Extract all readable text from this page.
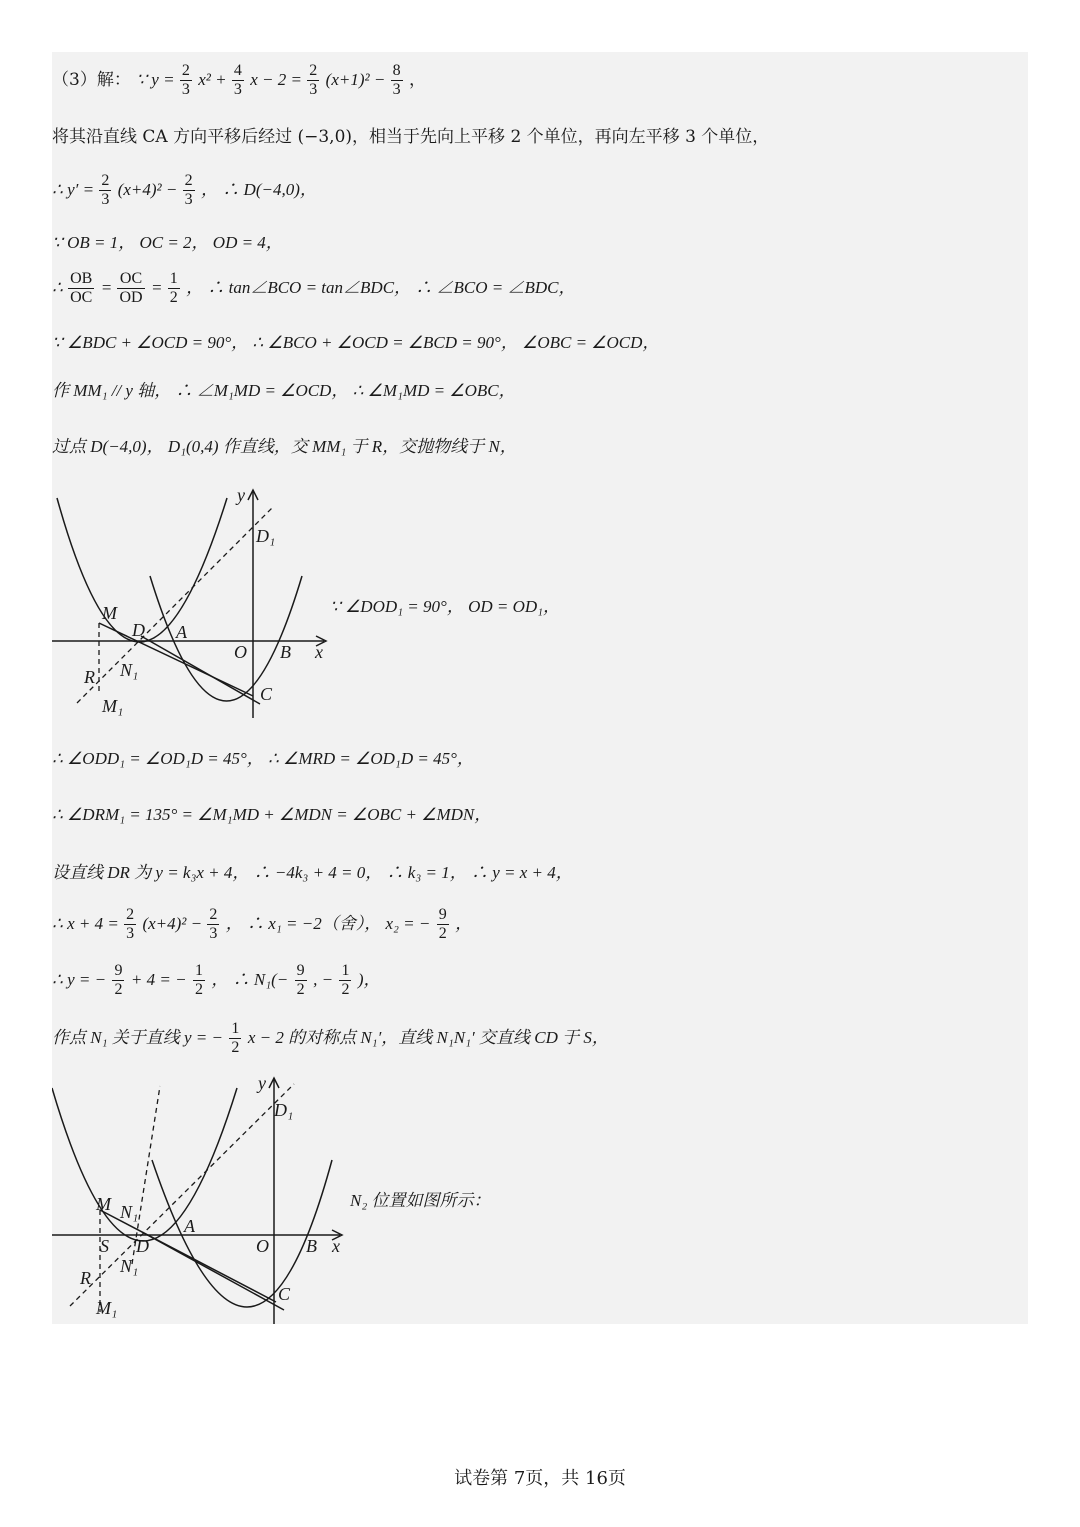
（3）解： ∵ $y = \frac{2}{3} x^2 + \frac{4}{3}$ $x - 2 = \frac{2}{3} (x+1)^2 - \frac{8}{3}$ ，
将其沿直线 CA 方向平移后经过 (−3,0)，相当于先向上平移 2 个单位，再向左平移 3 个单位，
∴ $y' = \frac{2}{3} (x+4)^2 - \frac{2}{3}$ ， ∴ D(−4,0)，
∵ OB = 1， OC = 2， OD = 4，
∴ $\frac{OB}{OC} = \frac{OC}{OD} = \frac{1}{2}$ ， ∴ tan∠BCO = tan∠BDC， ∴ ∠BCO = ∠BDC，
∵ ∠BDC + ∠OCD = 90°， ∴ ∠BCO + ∠OCD = ∠BCD = 90°， ∠OBC = ∠OCD，
作 MM₁ // y 轴， ∴ ∠M₁MD = ∠OCD， ∴ ∠M₁MD = ∠OBC，
过点 D(−4,0)， D₁(0,4) 作直线，交 MM₁ 于 R，交抛物线于 N，
D₁
y
M
D A
O B x
N₁
R
C
M₁
∵ ∠DOD₁ = 90°， OD = OD₁，
∴ ∠ODD₁ = ∠OD₁D = 45°， ∴ ∠MRD = ∠OD₁D = 45°，
∴ ∠DRM₁ = 135° = ∠M₁MD + ∠MDN = ∠OBC + ∠MDN，
设直线 DR 为 y = k₃x + 4， ∴ −4k₃ + 4 = 0， ∴ k₃ = 1， ∴ y = x + 4，
∴ $x + 4 = \frac{2}{3} (x+4)^2 - \frac{2}{3}$ ， ∴ x₁ = −2（舍）， x₂ = − $\frac{9}{2}$ ，
∴ y = − $\frac{9}{2} + 4$ = − $\frac{1}{2}$ ， ∴ $N_1(- \frac{9}{2}$ , − $\frac{1}{2}$ )，
作点 N₁ 关于直线 y = − $\frac{1}{2}$ x − 2 的对称点 N₁′，直线 N₁N₁′ 交直线 CD 于 S，
D₁
y
M N₁
A
S D	O B x
N₁
R
C
M₁
N₂ 位置如图所示：
试卷第 7页，共 16页
